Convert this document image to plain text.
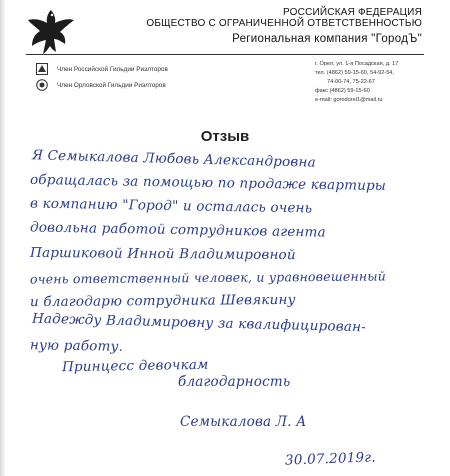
РОССИЙСКАЯ ФЕДЕРАЦИЯ
ОБЩЕСТВО С ОГРАНИЧЕННОЙ ОТВЕТСТВЕННОСТЬЮ
Региональная компания "ГородЪ"
Член Российской Гильдии Риэлторов
Член Орловской Гильдии Риэлторов
г. Орел, ул. 1-я Посадская, д. 17
тел. (4862) 59-15-60, 54-92-54,
74-00-74, 75-22-67
факс (4862) 59-15-60
e-mail: gorodorel1@mail.ru
Отзыв
Я Семыкалова Любовь Александровна
обращалась за помощью по продаже квартиры
в компанию "Город" и осталась очень
довольна работой сотрудников агента
Паршиковой Инной Владимировной
очень ответственный человек, и уравновешенный
и благодарю сотрудника Шевякину
Надежду Владимировну за квалифицирован-
ную работу.
Принцесс девочкам
благодарность
Семыкалова Л. А
30.07.2019г.
